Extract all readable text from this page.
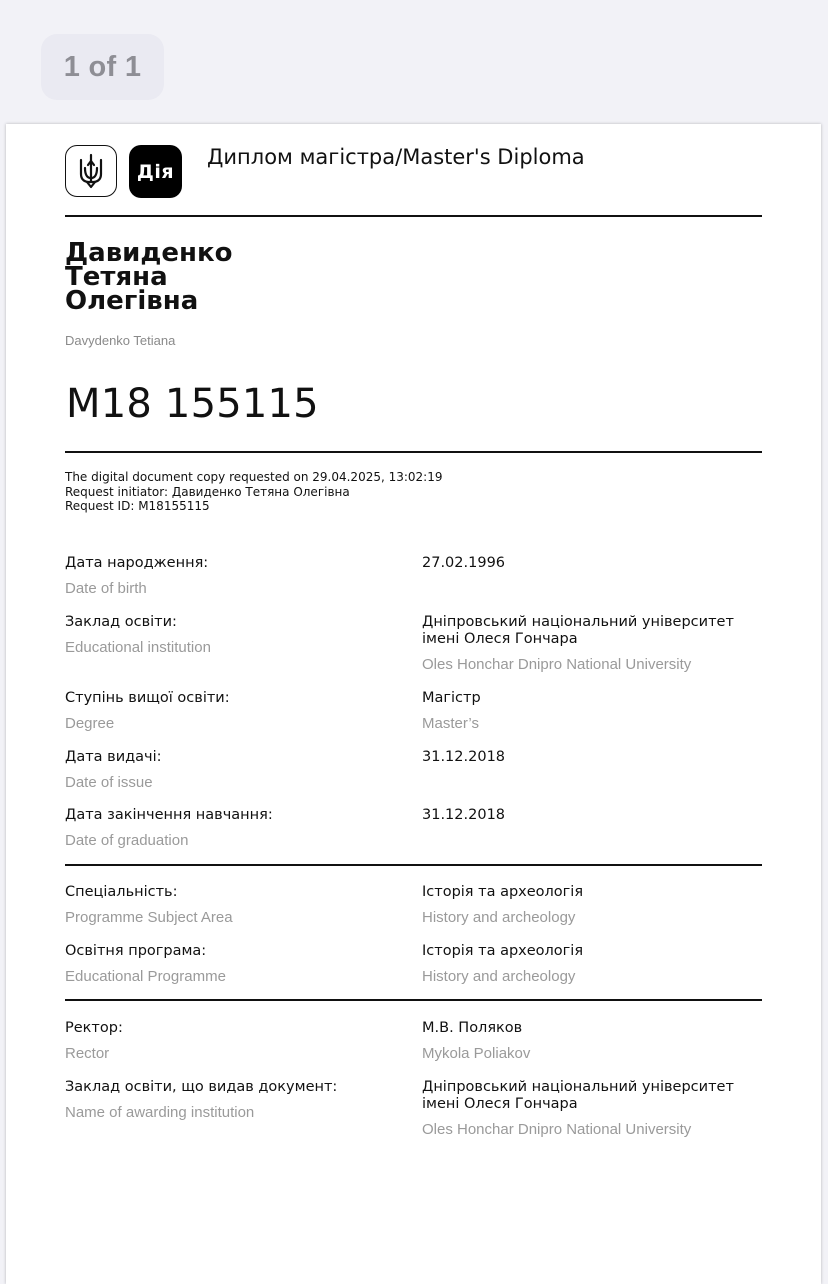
1 of 1
Дія
Диплом магістра/Master's Diploma
Давиденко
Тетяна
Олегівна
Davydenko Tetiana
M18 155115
The digital document copy requested on 29.04.2025, 13:02:19
Request initiator: Давиденко Тетяна Олегівна
Request ID: M18155115
Дата народження:
Date of birth
27.02.1996
Заклад освіти:
Educational institution
Дніпровський національний університет імені Олеся Гончара
Oles Honchar Dnipro National University
Ступінь вищої освіти:
Degree
Магістр
Master’s
Дата видачі:
Date of issue
31.12.2018
Дата закінчення навчання:
Date of graduation
31.12.2018
Спеціальність:
Programme Subject Area
Історія та археологія
History and archeology
Освітня програма:
Educational Programme
Історія та археологія
History and archeology
Ректор:
Rector
М.В. Поляков
Mykola Poliakov
Заклад освіти, що видав документ:
Name of awarding institution
Дніпровський національний університет імені Олеся Гончара
Oles Honchar Dnipro National University
